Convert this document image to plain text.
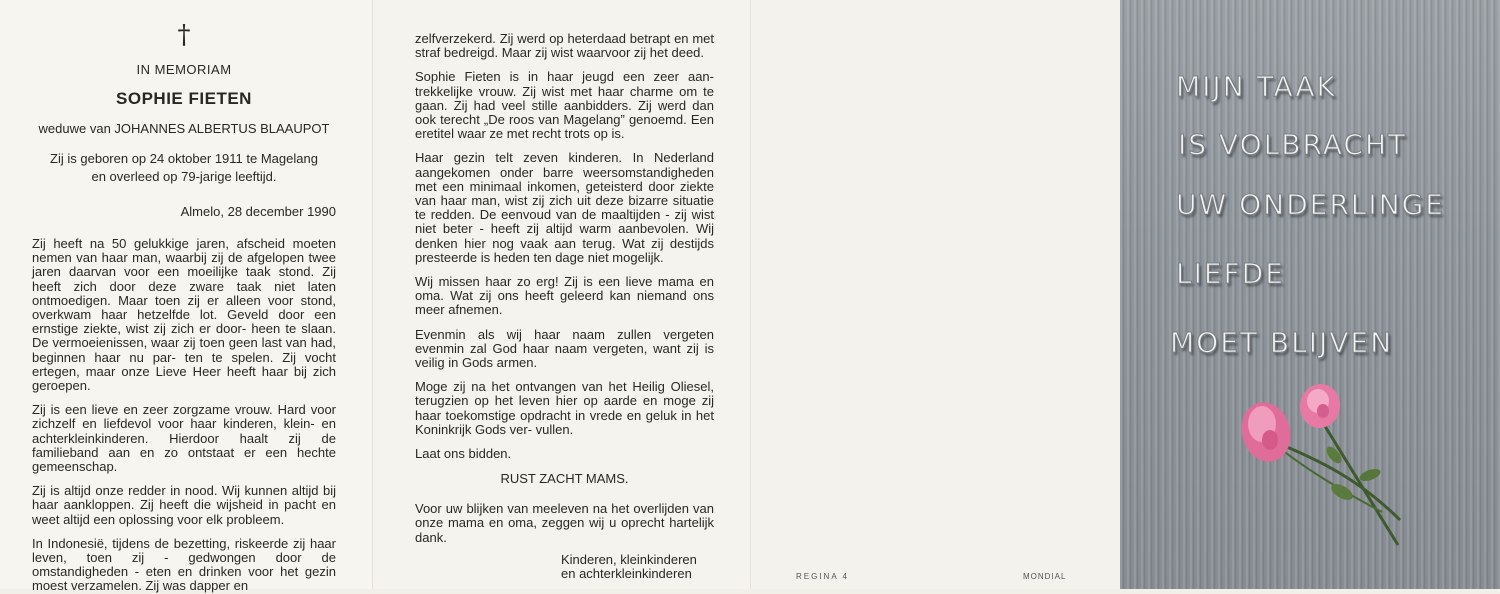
†
IN MEMORIAM
SOPHIE FIETEN
weduwe van JOHANNES ALBERTUS BLAAUPOT
Zij is geboren op 24 oktober 1911 te Magelang
en overleed op 79-jarige leeftijd.
Almelo, 28 december 1990

Zij heeft na 50 gelukkige jaren, afscheid moeten nemen van haar man, waarbij zij de afgelopen twee jaren daarvan voor een moeilijke taak stond. Zij heeft zich door deze zware taak niet laten ontmoedigen. Maar toen zij er alleen voor stond, overkwam haar hetzelfde lot. Geveld door een ernstige ziekte, wist zij zich er door- heen te slaan. De vermoeienissen, waar zij toen geen last van had, beginnen haar nu par- ten te spelen. Zij vocht ertegen, maar onze Lieve Heer heeft haar bij zich geroepen.

Zij is een lieve en zeer zorgzame vrouw. Hard voor zichzelf en liefdevol voor haar kinderen, klein- en achterkleinkinderen. Hierdoor haalt zij de familieband aan en zo ontstaat er een hechte gemeenschap.

Zij is altijd onze redder in nood. Wij kunnen altijd bij haar aankloppen. Zij heeft die wijsheid in pacht en weet altijd een oplossing voor elk probleem.

In Indonesië, tijdens de bezetting, riskeerde zij haar leven, toen zij - gedwongen door de omstandigheden - eten en drinken voor het gezin moest verzamelen. Zij was dapper en

zelfverzekerd. Zij werd op heterdaad betrapt en met straf bedreigd. Maar zij wist waarvoor zij het deed.

Sophie Fieten is in haar jeugd een zeer aan- trekkelijke vrouw. Zij wist met haar charme om te gaan. Zij had veel stille aanbidders. Zij werd dan ook terecht „De roos van Magelang” genoemd. Een eretitel waar ze met recht trots op is.

Haar gezin telt zeven kinderen. In Nederland aangekomen onder barre weersomstandigheden met een minimaal inkomen, geteisterd door ziekte van haar man, wist zij zich uit deze bizarre situatie te redden. De eenvoud van de maaltijden - zij wist niet beter - heeft zij altijd warm aanbevolen. Wij denken hier nog vaak aan terug. Wat zij destijds presteerde is heden ten dage niet mogelijk.

Wij missen haar zo erg! Zij is een lieve mama en oma. Wat zij ons heeft geleerd kan niemand ons meer afnemen.

Evenmin als wij haar naam zullen vergeten evenmin zal God haar naam vergeten, want zij is veilig in Gods armen.

Moge zij na het ontvangen van het Heilig Oliesel, terugzien op het leven hier op aarde en moge zij haar toekomstige opdracht in vrede en geluk in het Koninkrijk Gods ver- vullen.

Laat ons bidden.

RUST ZACHT MAMS.

Voor uw blijken van meeleven na het overlijden van onze mama en oma, zeggen wij u oprecht hartelijk dank.

Kinderen, kleinkinderen
en achterkleinkinderen	REGINA 4	MONDIAL
MIJN TAAK
IS VOLBRACHT
UW ONDERLINGE
LIEFDE
MOET BLIJVEN
